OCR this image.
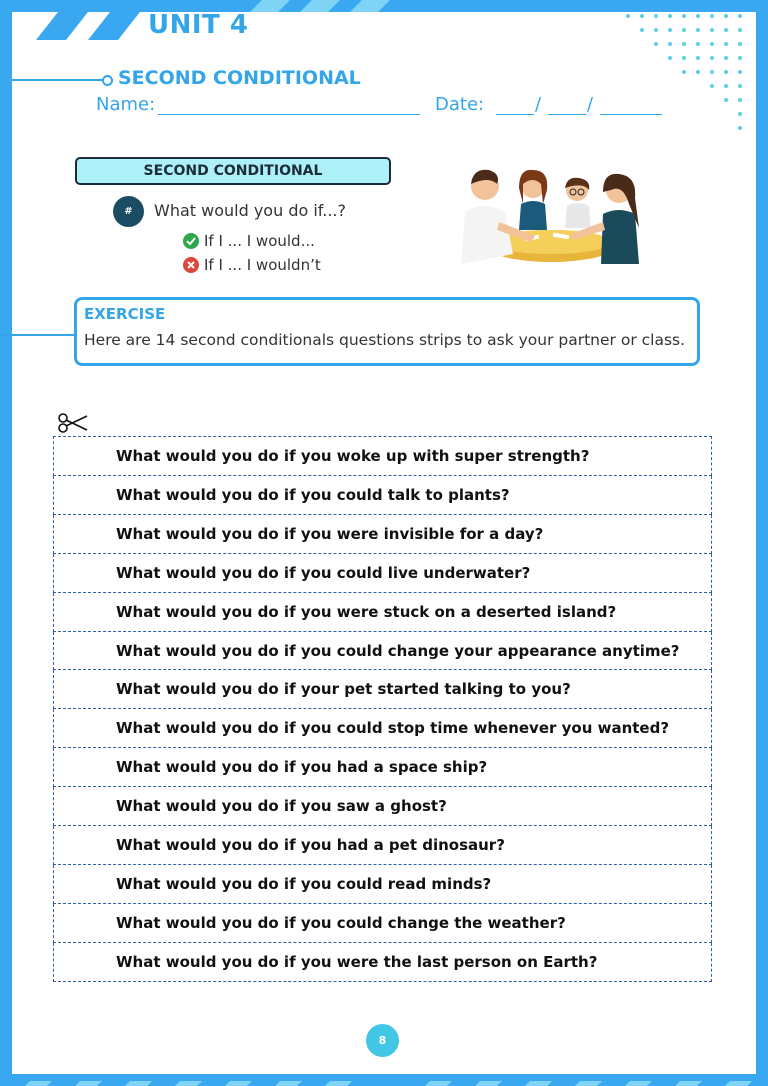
UNIT 4
SECOND CONDITIONAL
Name:	Date:	/	/
SECOND CONDITIONAL
#	What would you do if...?
If I ... I would...
If I ... I wouldn’t
EXERCISE
Here are 14 second conditionals questions strips to ask your partner or class.
What would you do if you woke up with super strength?
What would you do if you could talk to plants?
What would you do if you were invisible for a day?
What would you do if you could live underwater?
What would you do if you were stuck on a deserted island?
What would you do if you could change your appearance anytime?
What would you do if your pet started talking to you?
What would you do if you could stop time whenever you wanted?
What would you do if you had a space ship?
What would you do if you saw a ghost?
What would you do if you had a pet dinosaur?
What would you do if you could read minds?
What would you do if you could change the weather?
What would you do if you were the last person on Earth?
8
